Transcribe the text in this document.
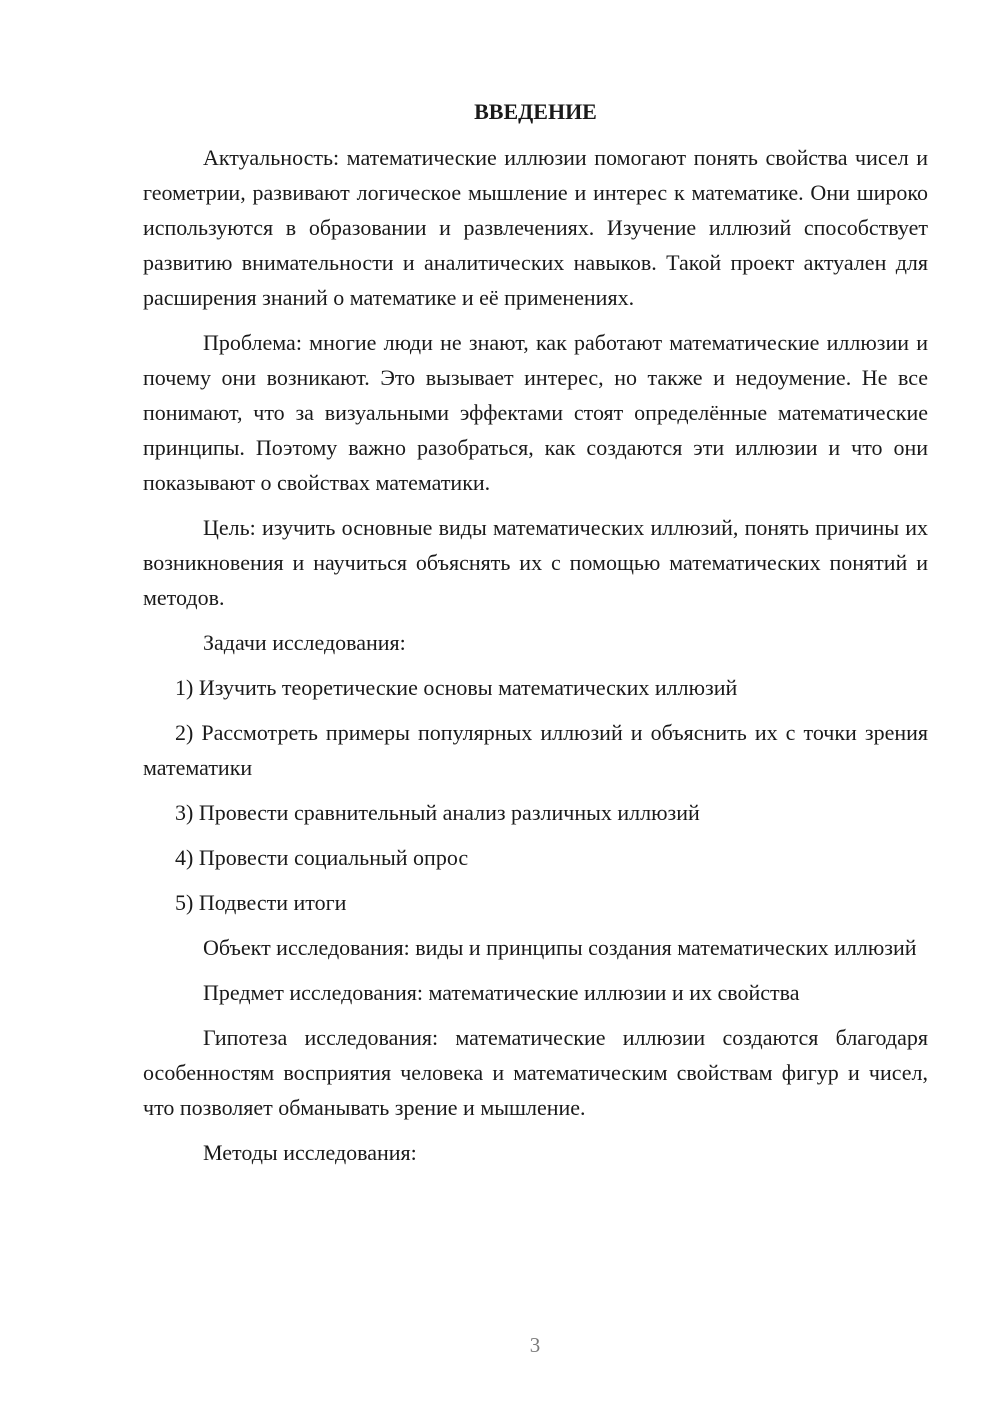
ВВЕДЕНИЕ

Актуальность: математические иллюзии помогают понять свойства чисел и геометрии, развивают логическое мышление и интерес к математике. Они широко используются в образовании и развлечениях. Изучение иллюзий способствует развитию внимательности и аналитических навыков. Такой проект актуален для расширения знаний о математике и её применениях.

Проблема: многие люди не знают, как работают математические иллюзии и почему они возникают. Это вызывает интерес, но также и недоумение. Не все понимают, что за визуальными эффектами стоят определённые математические принципы. Поэтому важно разобраться, как создаются эти иллюзии и что они показывают о свойствах математики.

Цель: изучить основные виды математических иллюзий, понять причины их возникновения и научиться объяснять их с помощью математических понятий и методов.

Задачи исследования:

1) Изучить теоретические основы математических иллюзий

2) Рассмотреть примеры популярных иллюзий и объяснить их с точки зрения математики

3) Провести сравнительный анализ различных иллюзий

4) Провести социальный опрос

5) Подвести итоги

Объект исследования: виды и принципы создания математических иллюзий

Предмет исследования: математические иллюзии и их свойства

Гипотеза исследования: математические иллюзии создаются благодаря особенностям восприятия человека и математическим свойствам фигур и чисел, что позволяет обманывать зрение и мышление.

Методы исследования:

3
